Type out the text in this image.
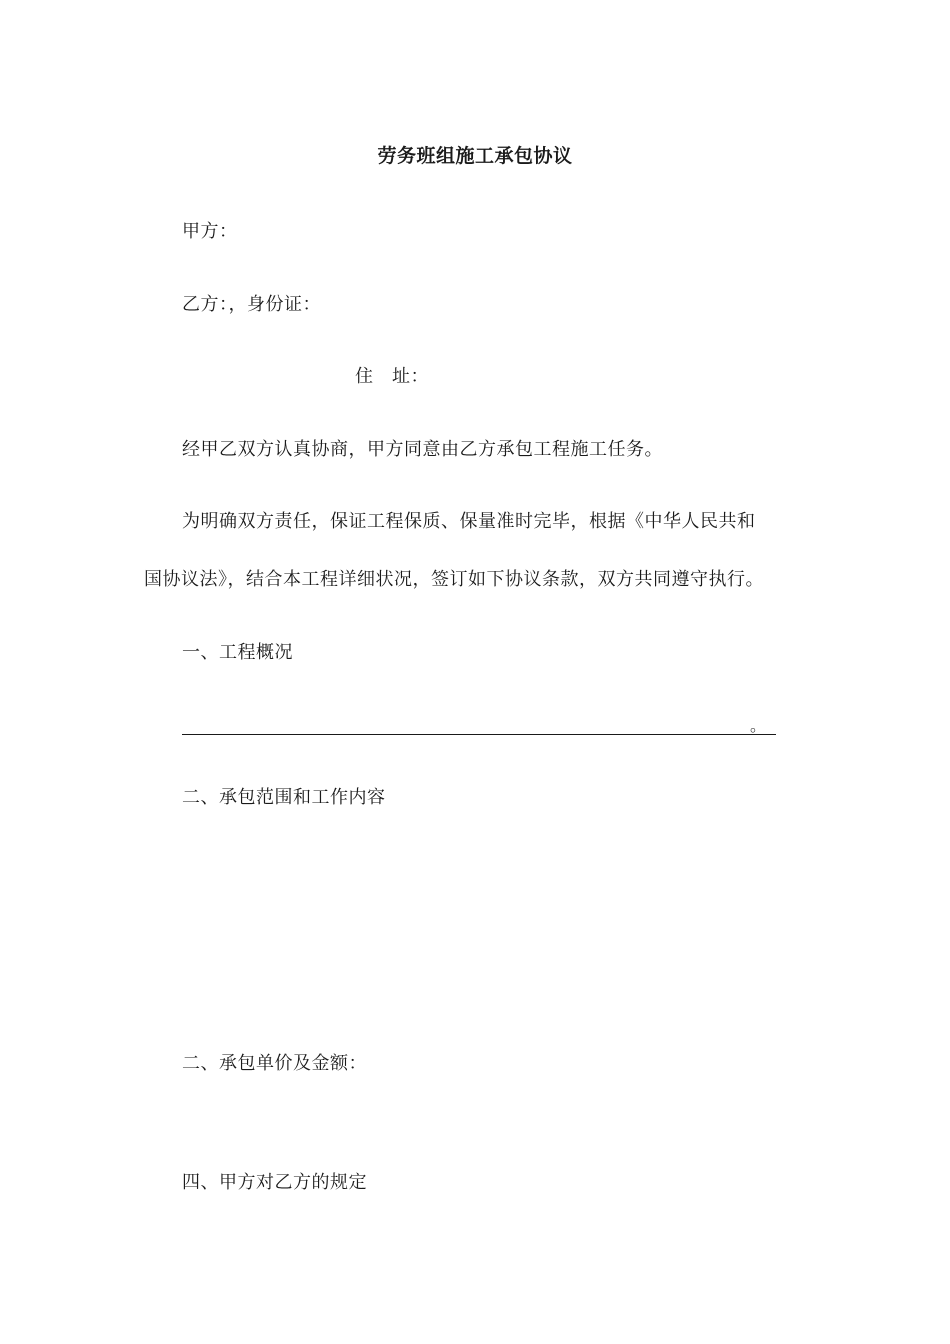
劳务班组施工承包协议
甲方：
乙方：，身份证：
住　址：
经甲乙双方认真协商，甲方同意由乙方承包工程施工任务。
为明确双方责任，保证工程保质、保量准时完毕，根据《中华人民共和
国协议法》，结合本工程详细状况，签订如下协议条款，双方共同遵守执行。
一、工程概况
。
二、承包范围和工作内容
二、承包单价及金额：
四、甲方对乙方的规定
